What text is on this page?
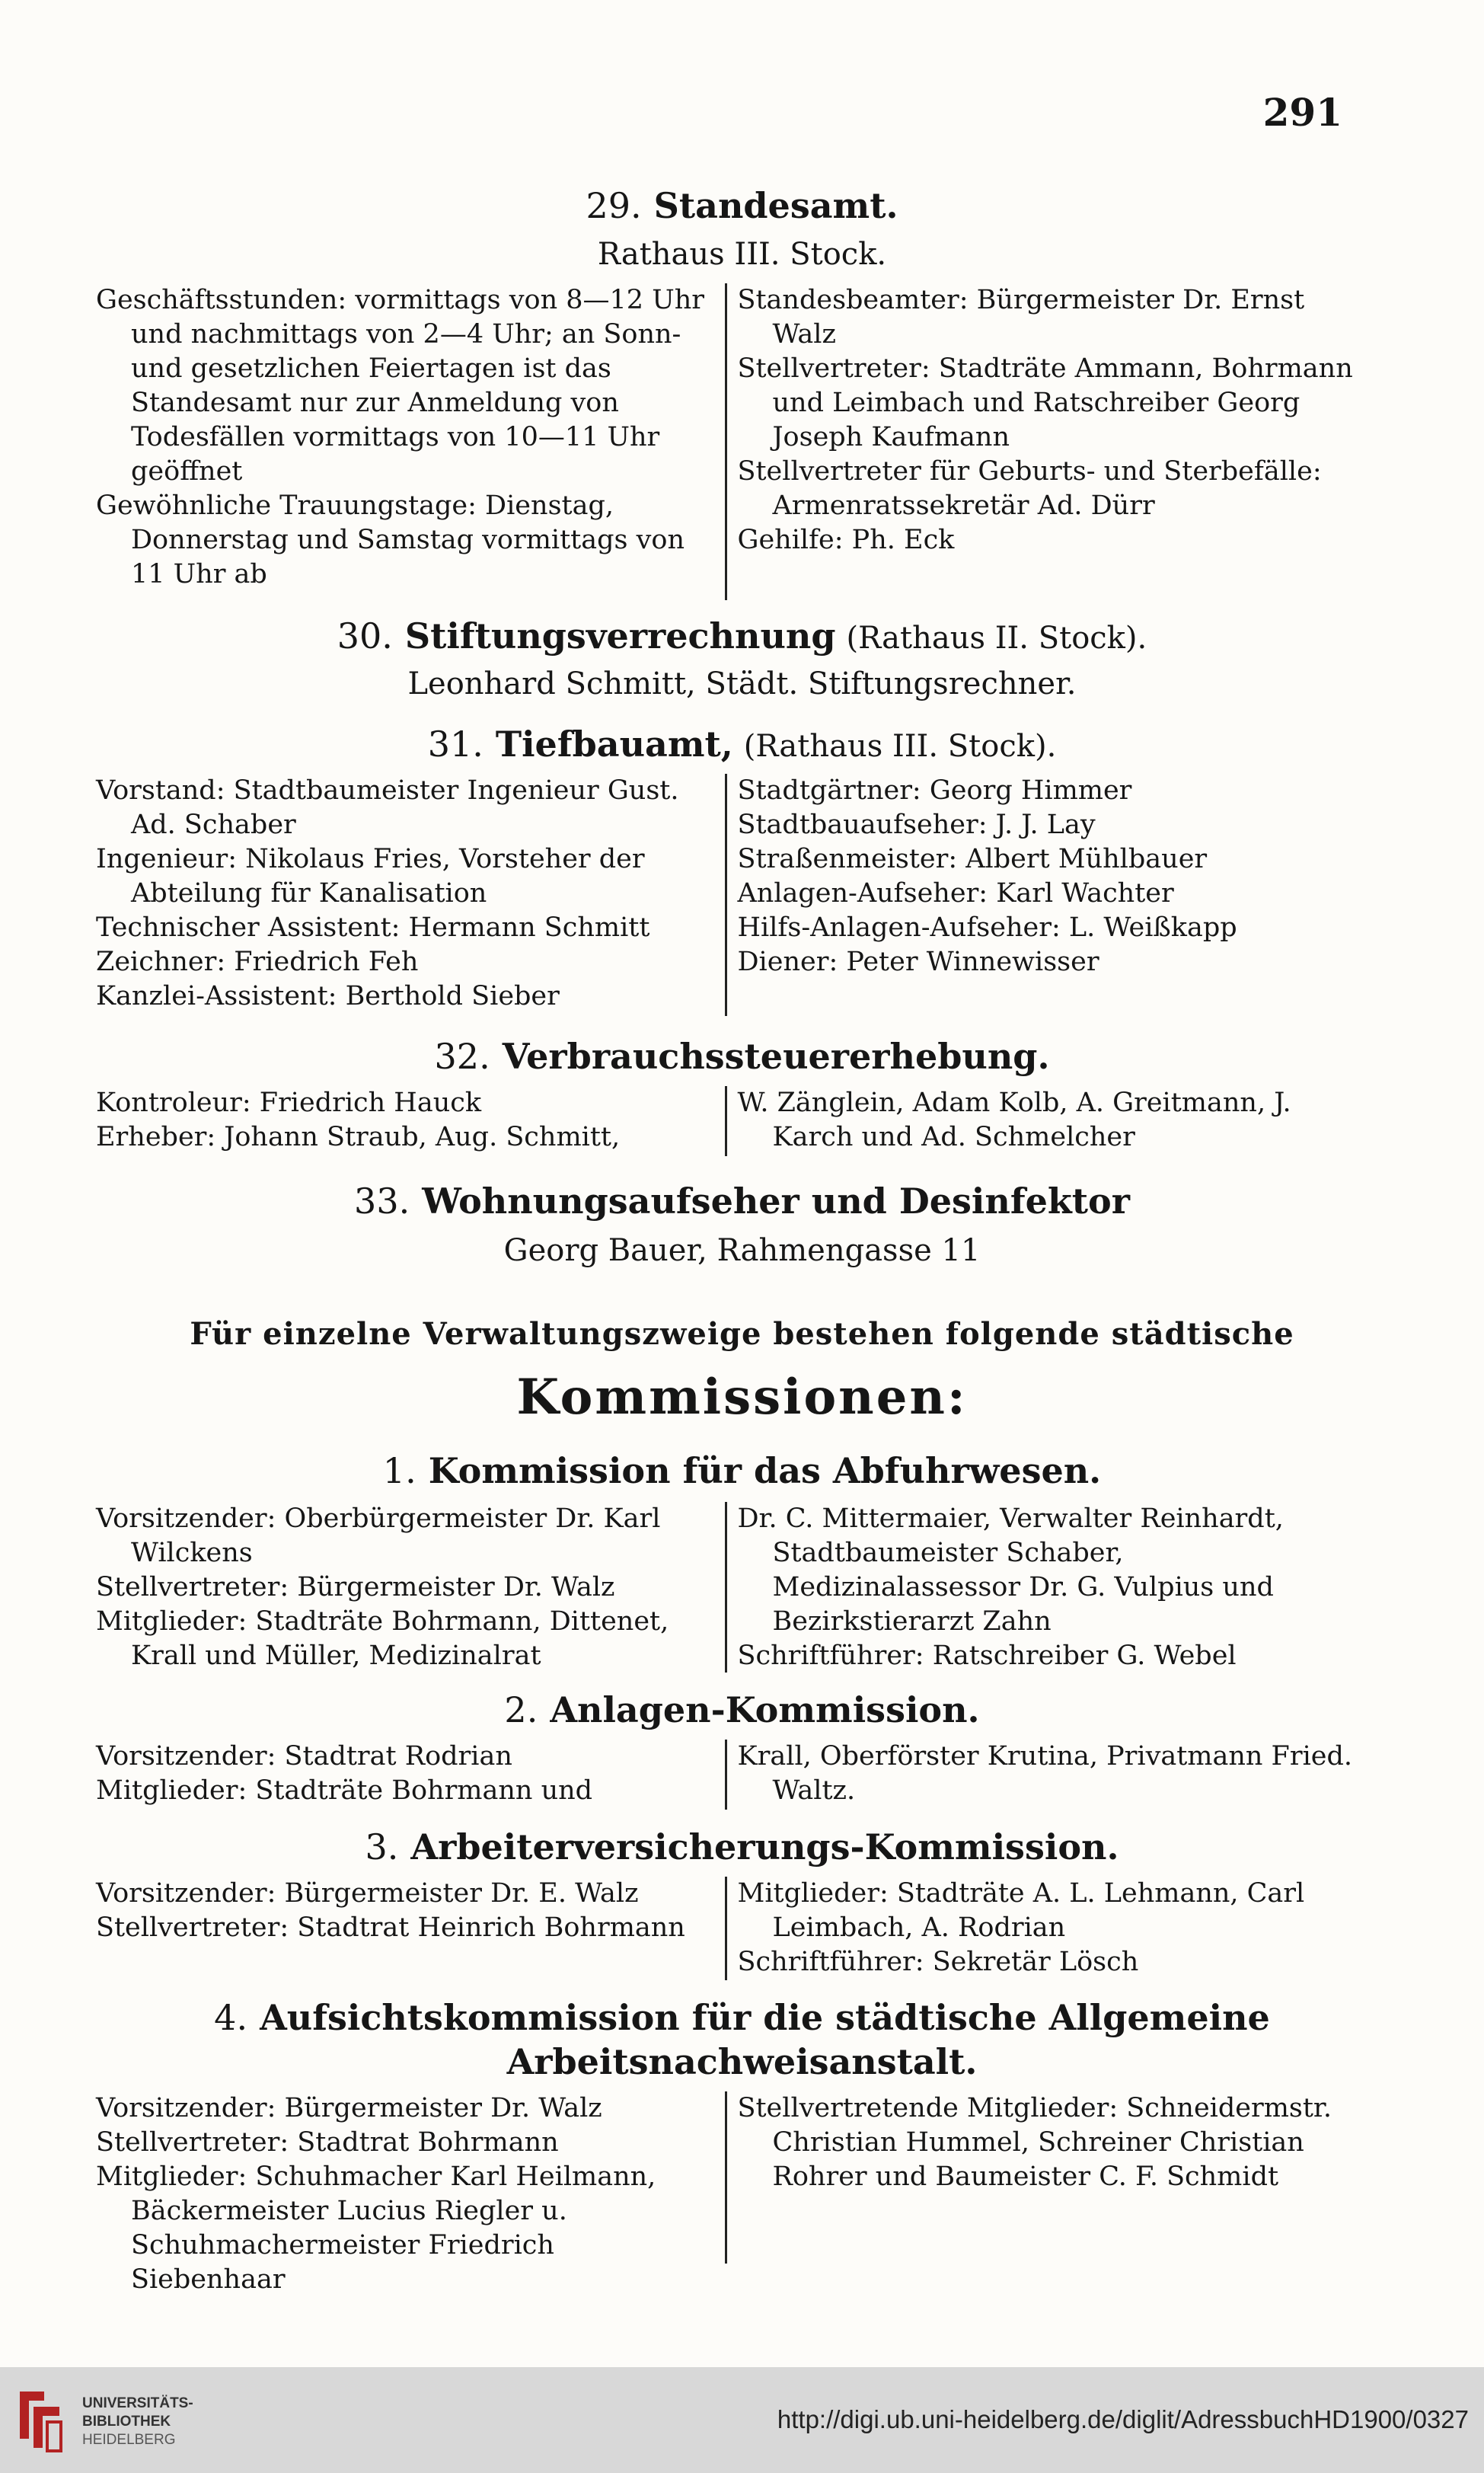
291
29. Standesamt.
Rathaus III. Stock.
Geschäftsstunden: vormittags von 8—12 Uhr und nachmittags von 2—4 Uhr; an Sonn- und gesetzlichen Feiertagen ist das Standesamt nur zur Anmeldung von Todesfällen vormittags von 10—11 Uhr geöffnet
Gewöhnliche Trauungstage: Dienstag, Donnerstag und Samstag vormittags von 11 Uhr ab
Standesbeamter: Bürgermeister Dr. Ernst Walz
Stellvertreter: Stadträte Ammann, Bohrmann und Leimbach und Ratschreiber Georg Joseph Kaufmann
Stellvertreter für Geburts- und Sterbefälle: Armenratssekretär Ad. Dürr
Gehilfe: Ph. Eck
30. Stiftungsverrechnung (Rathaus II. Stock).
Leonhard Schmitt, Städt. Stiftungsrechner.
31. Tiefbauamt, (Rathaus III. Stock).
Vorstand: Stadtbaumeister Ingenieur Gust. Ad. Schaber
Ingenieur: Nikolaus Fries, Vorsteher der Abteilung für Kanalisation
Technischer Assistent: Hermann Schmitt
Zeichner: Friedrich Feh
Kanzlei-Assistent: Berthold Sieber
Stadtgärtner: Georg Himmer
Stadtbauaufseher: J. J. Lay
Straßenmeister: Albert Mühlbauer
Anlagen-Aufseher: Karl Wachter
Hilfs-Anlagen-Aufseher: L. Weißkapp
Diener: Peter Winnewisser
32. Verbrauchssteuererhebung.
Kontroleur: Friedrich Hauck
Erheber: Johann Straub, Aug. Schmitt,
W. Zänglein, Adam Kolb, A. Greitmann, J. Karch und Ad. Schmelcher
33. Wohnungsaufseher und Desinfektor
Georg Bauer, Rahmengasse 11
Für einzelne Verwaltungszweige bestehen folgende städtische
Kommissionen:
1. Kommission für das Abfuhrwesen.
Vorsitzender: Oberbürgermeister Dr. Karl Wilckens
Stellvertreter: Bürgermeister Dr. Walz
Mitglieder: Stadträte Bohrmann, Dittenet, Krall und Müller, Medizinalrat
Dr. C. Mittermaier, Verwalter Reinhardt, Stadtbaumeister Schaber, Medizinalassessor Dr. G. Vulpius und Bezirkstierarzt Zahn
Schriftführer: Ratschreiber G. Webel
2. Anlagen-Kommission.
Vorsitzender: Stadtrat Rodrian
Mitglieder: Stadträte Bohrmann und
Krall, Oberförster Krutina, Privatmann Fried. Waltz.
3. Arbeiterversicherungs-Kommission.
Vorsitzender: Bürgermeister Dr. E. Walz
Stellvertreter: Stadtrat Heinrich Bohrmann
Mitglieder: Stadträte A. L. Lehmann, Carl Leimbach, A. Rodrian
Schriftführer: Sekretär Lösch
4. Aufsichtskommission für die städtische Allgemeine
Arbeitsnachweisanstalt.
Vorsitzender: Bürgermeister Dr. Walz
Stellvertreter: Stadtrat Bohrmann
Mitglieder: Schuhmacher Karl Heilmann, Bäckermeister Lucius Riegler u. Schuhmachermeister Friedrich Siebenhaar
Stellvertretende Mitglieder: Schneidermstr. Christian Hummel, Schreiner Christian Rohrer und Baumeister C. F. Schmidt
UNIVERSITÄTS-
BIBLIOTHEK
HEIDELBERG
http://digi.ub.uni-heidelberg.de/diglit/AdressbuchHD1900/0327
